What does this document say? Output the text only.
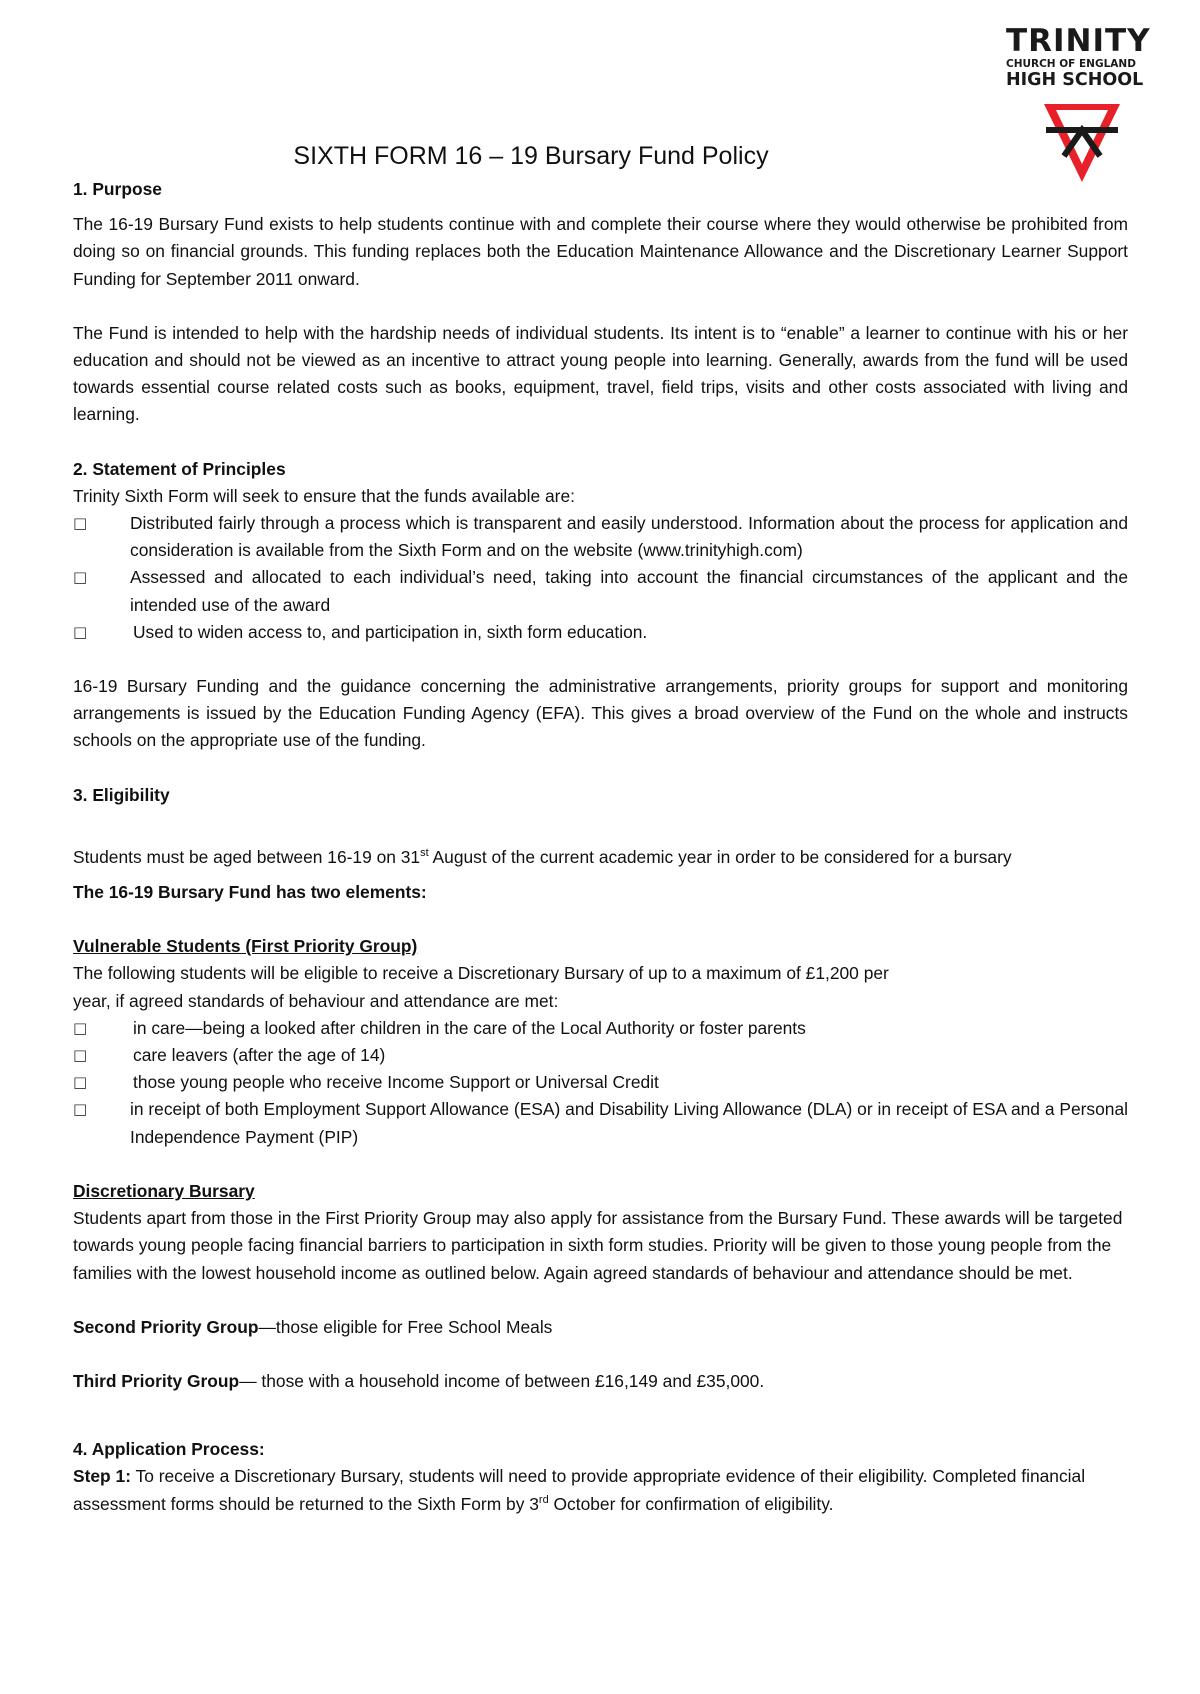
TRINITY
CHURCH OF ENGLAND
HIGH SCHOOL
SIXTH FORM 16 – 19 Bursary Fund Policy

1. Purpose

The 16-19 Bursary Fund exists to help students continue with and complete their course where they would otherwise be prohibited from doing so on financial grounds. This funding replaces both the Education Maintenance Allowance and the Discretionary Learner Support Funding for September 2011 onward.

The Fund is intended to help with the hardship needs of individual students. Its intent is to “enable” a learner to continue with his or her education and should not be viewed as an incentive to attract young people into learning. Generally, awards from the fund will be used towards essential course related costs such as books, equipment, travel, field trips, visits and other costs associated with living and learning.

2. Statement of Principles

Trinity Sixth Form will seek to ensure that the funds available are:

□ Distributed fairly through a process which is transparent and easily understood. Information about the process for application and consideration is available from the Sixth Form and on the website (www.trinityhigh.com)

□ Assessed and allocated to each individual’s need, taking into account the financial circumstances of the applicant and the intended use of the award

□	Used to widen access to, and participation in, sixth form education.

16-19 Bursary Funding and the guidance concerning the administrative arrangements, priority groups for support and monitoring arrangements is issued by the Education Funding Agency (EFA). This gives a broad overview of the Fund on the whole and instructs schools on the appropriate use of the funding.

3. Eligibility

Students must be aged between 16-19 on 31st August of the current academic year in order to be considered for a bursary

The 16-19 Bursary Fund has two elements:

Vulnerable Students (First Priority Group)

The following students will be eligible to receive a Discretionary Bursary of up to a maximum of £1,200 per

year, if agreed standards of behaviour and attendance are met:

□	in care—being a looked after children in the care of the Local Authority or foster parents

□	care leavers (after the age of 14)

□	those young people who receive Income Support or Universal Credit

□ in receipt of both Employment Support Allowance (ESA) and Disability Living Allowance (DLA) or in receipt of ESA and a Personal Independence Payment (PIP)

Discretionary Bursary

Students apart from those in the First Priority Group may also apply for assistance from the Bursary Fund. These awards will be targeted towards young people facing financial barriers to participation in sixth form studies. Priority will be given to those young people from the families with the lowest household income as outlined below. Again agreed standards of behaviour and attendance should be met.

Second Priority Group—those eligible for Free School Meals

Third Priority Group— those with a household income of between £16,149 and £35,000.

4. Application Process:

Step 1: To receive a Discretionary Bursary, students will need to provide appropriate evidence of their eligibility. Completed financial assessment forms should be returned to the Sixth Form by 3rd October for confirmation of eligibility.
